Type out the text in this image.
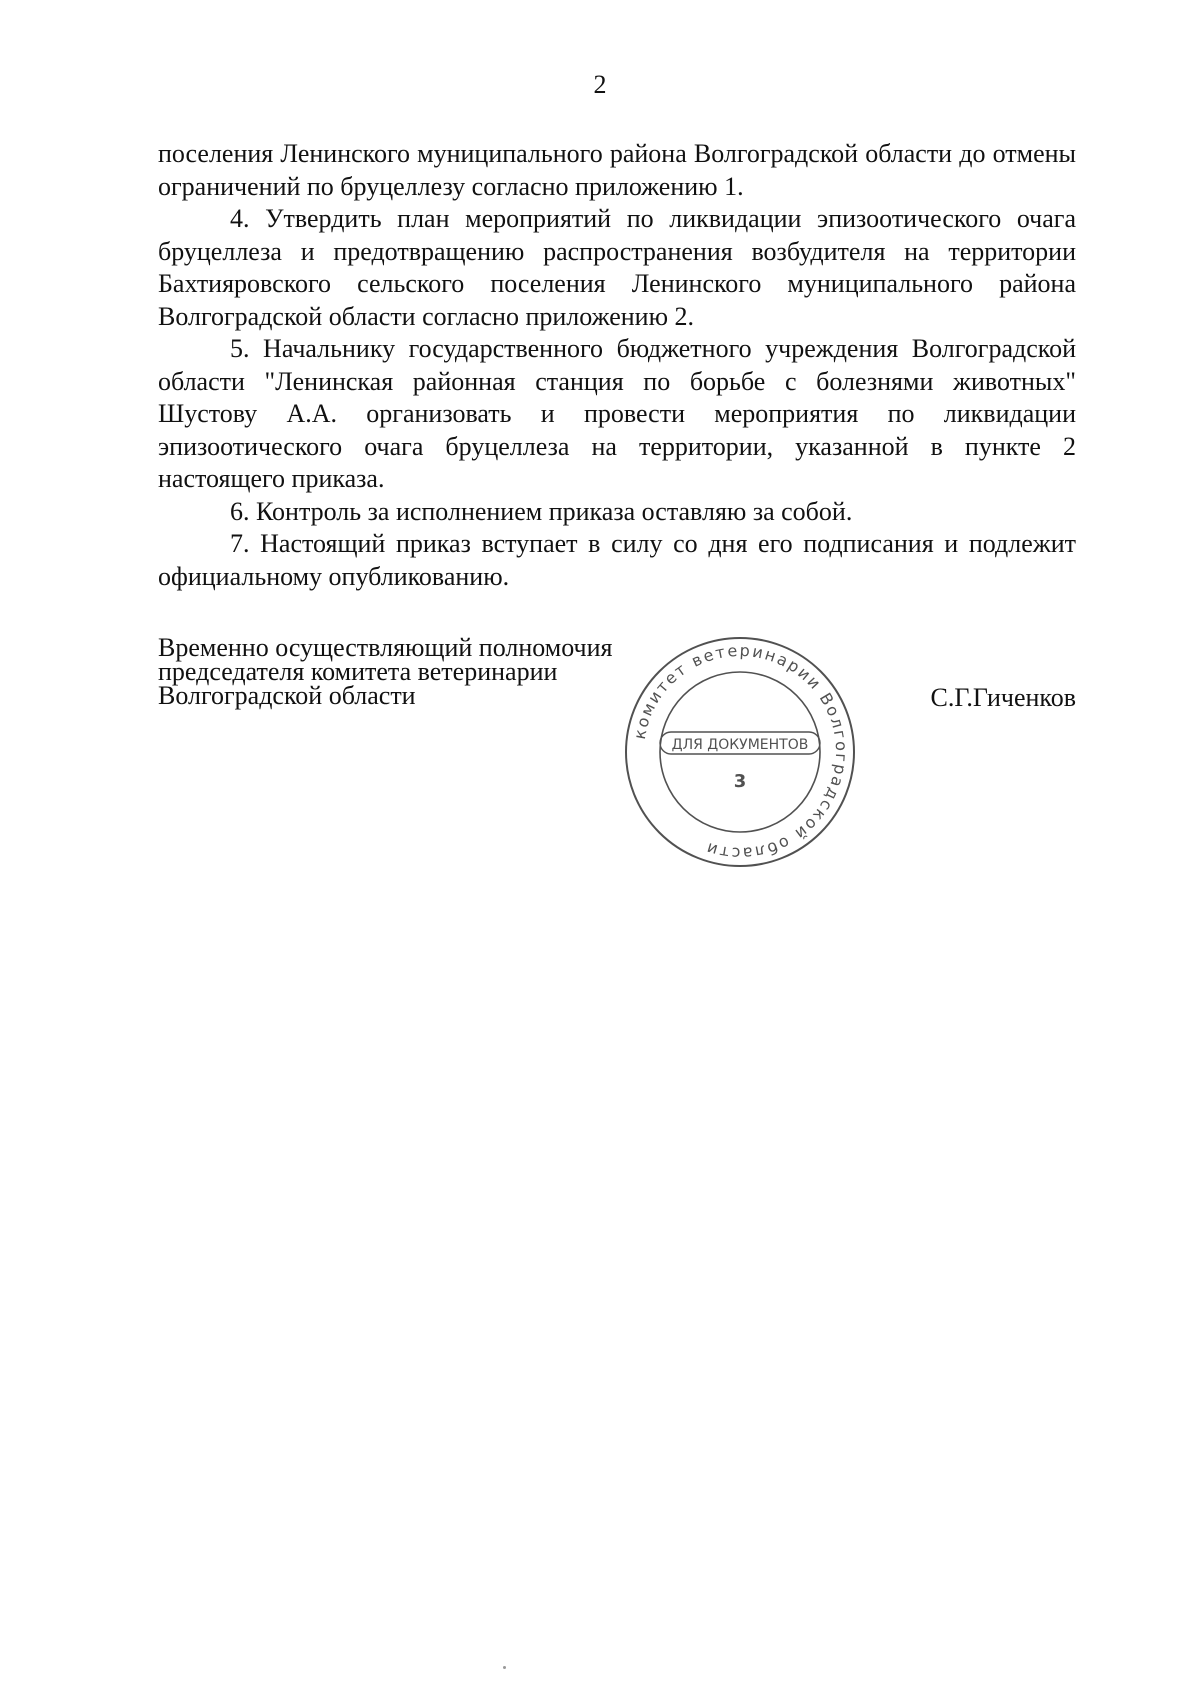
2

поселения Ленинского муниципального района Волгоградской области до отмены ограничений по бруцеллезу согласно приложению 1.

4. Утвердить план мероприятий по ликвидации эпизоотического очага бруцеллеза и предотвращению распространения возбудителя на территории Бахтияровского сельского поселения Ленинского муниципального района Волгоградской области согласно приложению 2.

5. Начальнику государственного бюджетного учреждения Волгоградской области "Ленинская районная станция по борьбе с болезнями животных" Шустову А.А. организовать и провести мероприятия по ликвидации эпизоотического очага бруцеллеза на территории, указанной в пункте 2 настоящего приказа.

6. Контроль за исполнением приказа оставляю за собой.

7. Настоящий приказ вступает в силу со дня его подписания и подлежит официальному опубликованию.

Временно осуществляющий полномочия
председателя комитета ветеринарии
Волгоградской области	С.Г.Гиченков
комитет ветеринарии Волгоградской области
ДЛЯ ДОКУМЕНТОВ
3
